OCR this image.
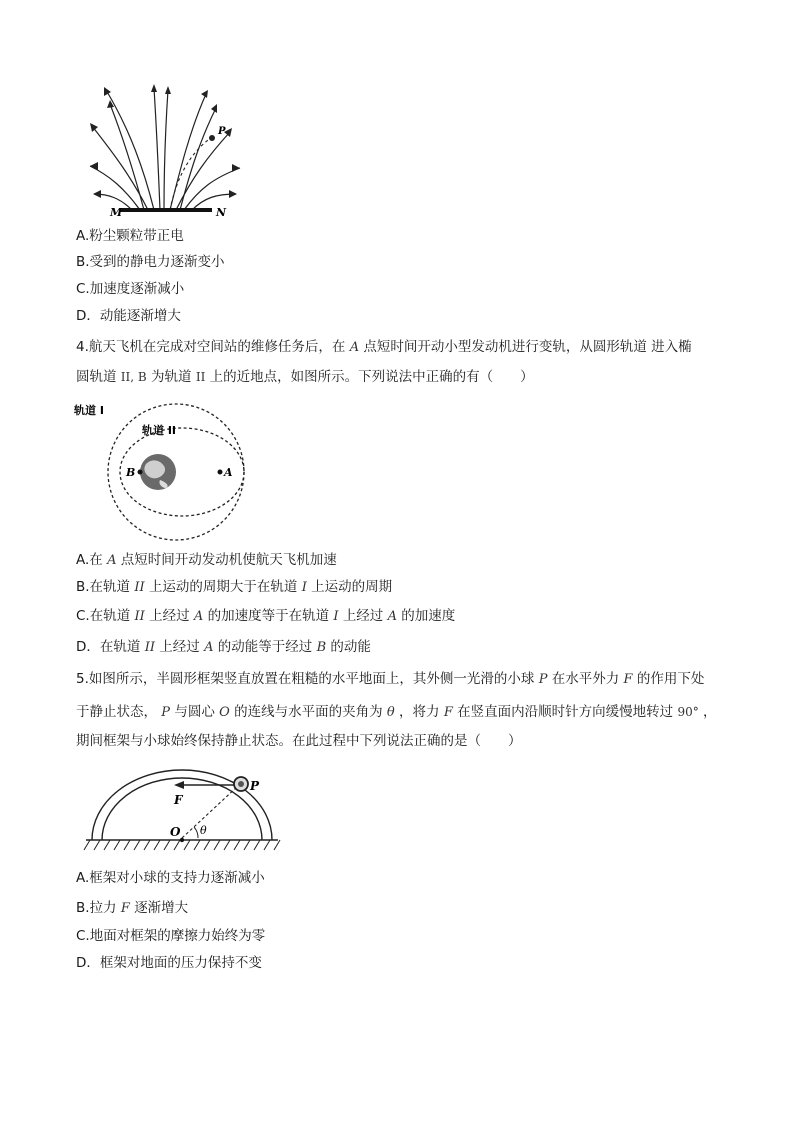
M	N
P
A.粉尘颗粒带正电
B.受到的静电力逐渐变小
C.加速度逐渐减小
D．动能逐渐增大
4.航天飞机在完成对空间站的维修任务后，在 A 点短时间开动小型发动机进行变轨，从圆形轨道 进入椭
圆轨道 II, B 为轨道 II 上的近地点，如图所示。下列说法中正确的有（　　）
轨道 I
轨道 II
B	A
A.在 A 点短时间开动发动机使航天飞机加速
B.在轨道 II 上运动的周期大于在轨道 I 上运动的周期
C.在轨道 II 上经过 A 的加速度等于在轨道 I 上经过 A 的加速度
D．在轨道 II 上经过 A 的动能等于经过 B 的动能
5.如图所示，半圆形框架竖直放置在粗糙的水平地面上，其外侧一光滑的小球 P 在水平外力 F 的作用下处
于静止状态， P 与圆心 O 的连线与水平面的夹角为 θ ，将力 F 在竖直面内沿顺时针方向缓慢地转过 90° ，
期间框架与小球始终保持静止状态。在此过程中下列说法正确的是（　　）
F
P
O θ
A.框架对小球的支持力逐渐减小
B.拉力 F 逐渐增大
C.地面对框架的摩擦力始终为零
D．框架对地面的压力保持不变
